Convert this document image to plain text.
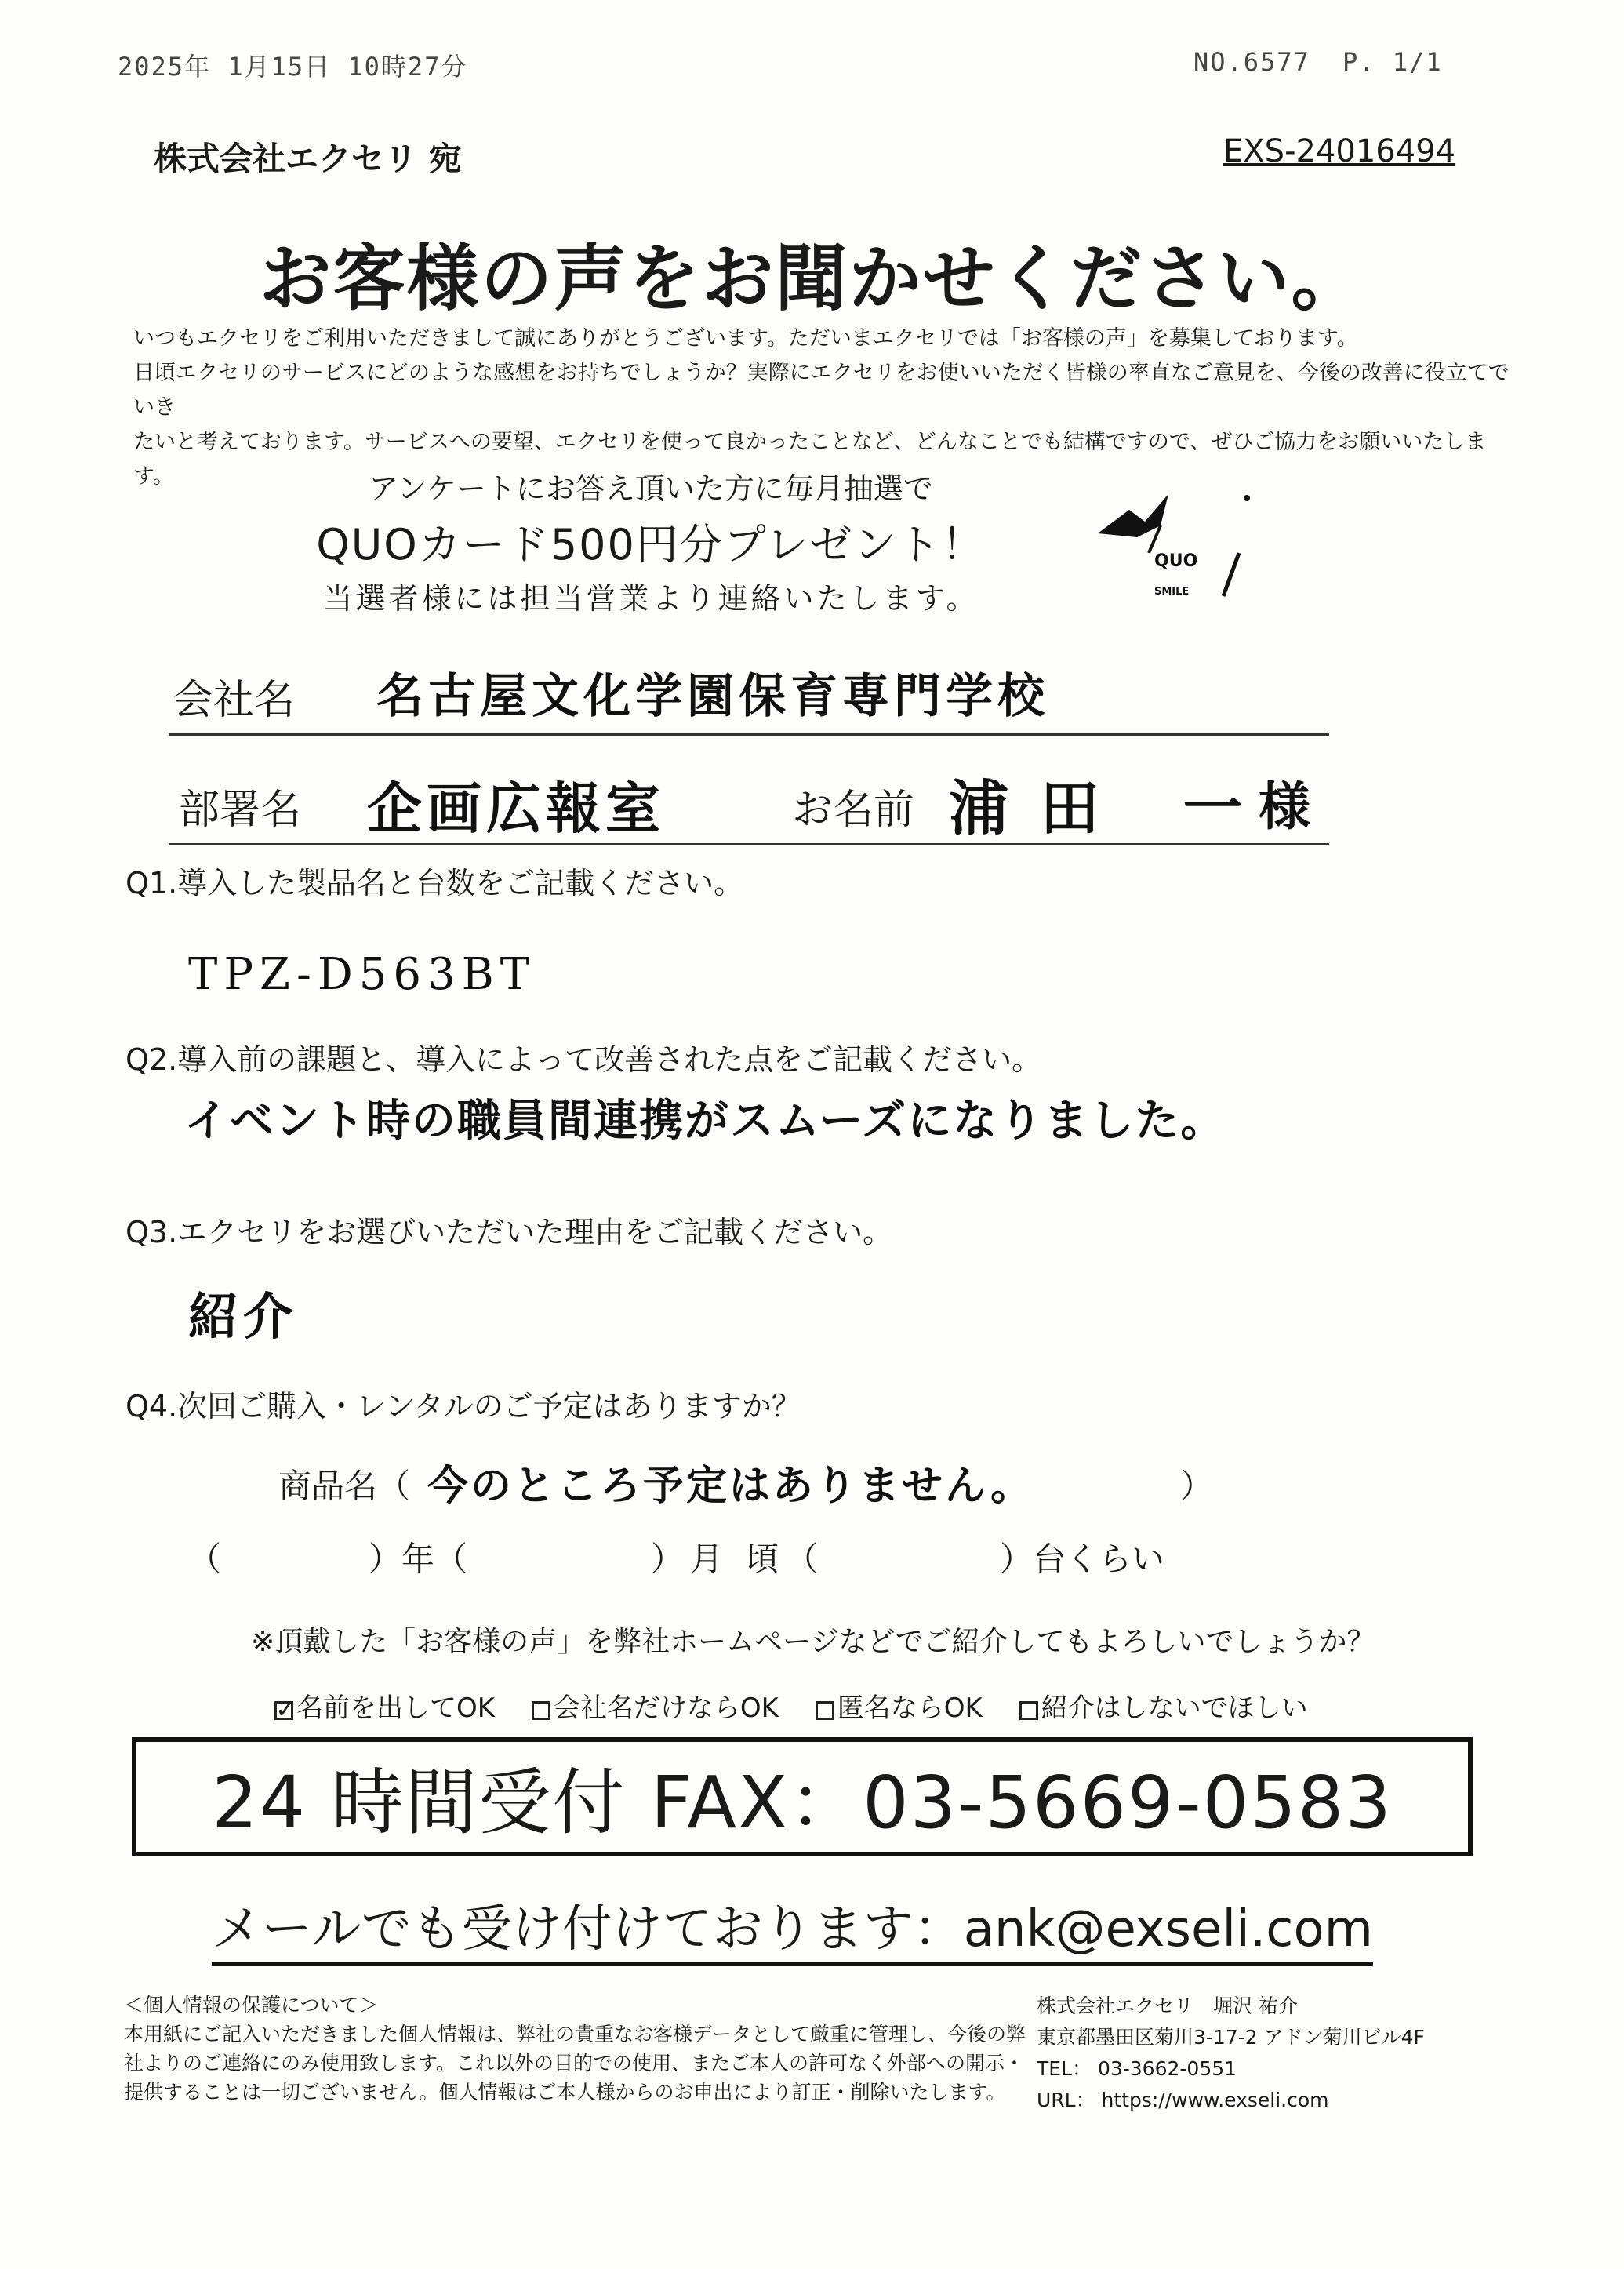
2025年 1月15日 10時27分	NO.6577 P. 1/1
株式会社エクセリ 宛	EXS-24016494
お客様の声をお聞かせください。
いつもエクセリをご利用いただきまして誠にありがとうございます。ただいまエクセリでは「お客様の声」を募集しております。
日頃エクセリのサービスにどのような感想をお持ちでしょうか？実際にエクセリをお使いいただく皆様の率直なご意見を、今後の改善に役立てでいき
たいと考えております。サービスへの要望、エクセリを使って良かったことなど、どんなことでも結構ですので、ぜひご協力をお願いいたします。	アンケートにお答え頂いた方に毎月抽選で
QUOカード500円分プレゼント！
当選者様には担当営業より連絡いたします。
QUO
SMILE
会社名 名古屋文化学園保育専門学校
部署名 企画広報室	お名前 浦田 一
様
Q1.導入した製品名と台数をご記載ください。
TPZ-D563BT
Q2.導入前の課題と、導入によって改善された点をご記載ください。
イベント時の職員間連携がスムーズになりました。
Q3.エクセリをお選びいただいた理由をご記載ください。
紹介
Q4.次回ご購入・レンタルのご予定はありますか？
商品名（ 今のところ予定はありません。	）
（	）年（	）月 頃（	）台くらい
※頂戴した「お客様の声」を弊社ホームページなどでご紹介してもよろしいでしょうか？
✓名前を出してOK 会社名だけならOK 匿名ならOK 紹介はしないでほしい
24 時間受付 FAX：03-5669-0583
メールでも受け付けております：ank@exseli.com
＜個人情報の保護について＞
本用紙にご記入いただきました個人情報は、弊社の貴重なお客様データとして厳重に管理し、今後の弊
社よりのご連絡にのみ使用致します。これ以外の目的での使用、またご本人の許可なく外部への開示・
提供することは一切ございません。個人情報はご本人様からのお申出により訂正・削除いたします。
株式会社エクセリ　堀沢 祐介
東京都墨田区菊川3-17-2 アドン菊川ビル4F
TEL： 03-3662-0551
URL： https://www.exseli.com
